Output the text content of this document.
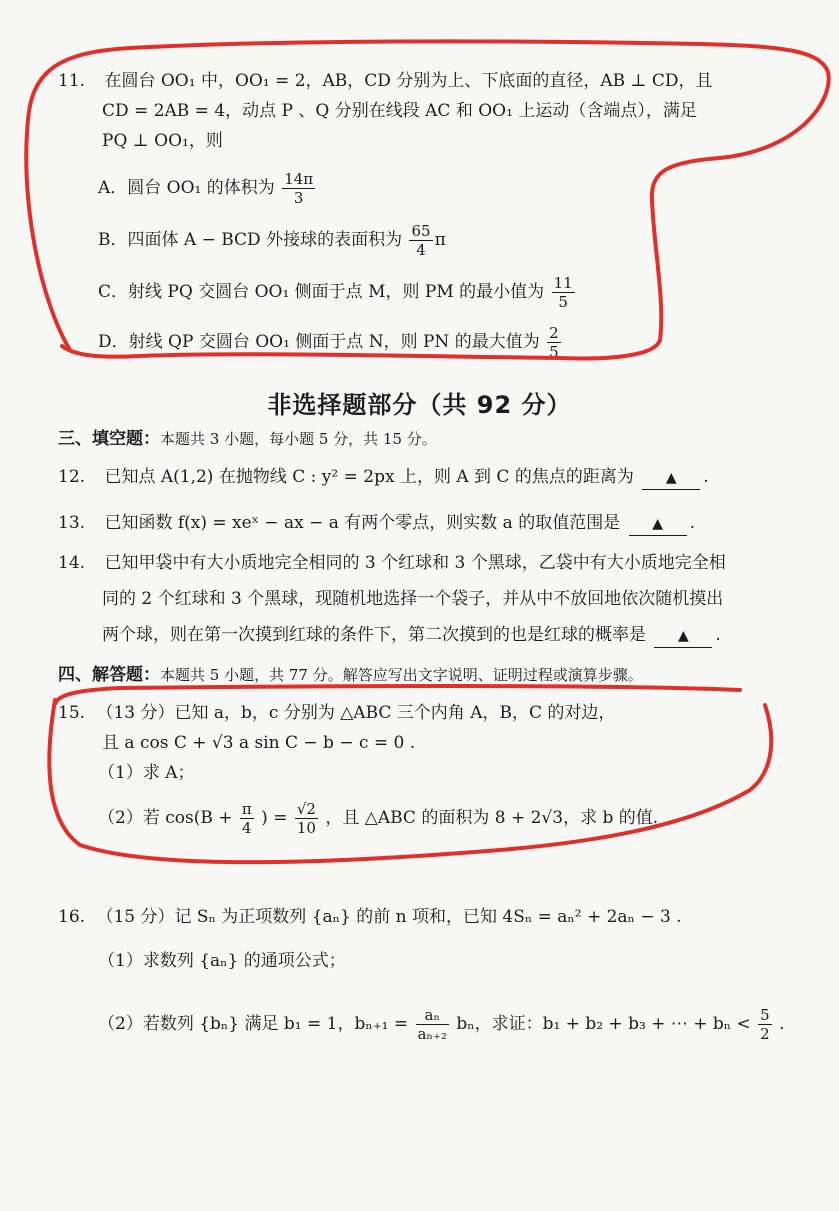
11. 在圆台 OO₁ 中，OO₁ = 2，AB，CD 分别为上、下底面的直径，AB ⊥ CD，且
CD = 2AB = 4，动点 P 、Q 分别在线段 AC 和 OO₁ 上运动（含端点），满足
PQ ⊥ OO₁，则
A．圆台 OO₁ 的体积为 $\frac{14\pi}{3}$
B．四面体 A − BCD 外接球的表面积为 $\frac{65}{4}$ π
C．射线 PQ 交圆台 OO₁ 侧面于点 M，则 PM 的最小值为 $\frac{11}{5}$
D．射线 QP 交圆台 OO₁ 侧面于点 N，则 PN 的最大值为 $\frac{2}{5}$
非选择题部分（共 92 分）
三、填空题：本题共 3 小题，每小题 5 分，共 15 分。
12. 已知点 A(1,2) 在抛物线 C : y² = 2px 上，则 A 到 C 的焦点的距离为 ▲ .
13. 已知函数 f(x) = xeˣ − ax − a 有两个零点，则实数 a 的取值范围是 ▲ .
14. 已知甲袋中有大小质地完全相同的 3 个红球和 3 个黑球，乙袋中有大小质地完全相
同的 2 个红球和 3 个黑球，现随机地选择一个袋子，并从中不放回地依次随机摸出
两个球，则在第一次摸到红球的条件下，第二次摸到的也是红球的概率是 ▲ .
四、解答题：本题共 5 小题，共 77 分。解答应写出文字说明、证明过程或演算步骤。
15. （13 分）已知 a，b，c 分别为 △ABC 三个内角 A，B，C 的对边，
且 a cos C + √3 a sin C − b − c = 0 .
（1）求 A；
（2）若 $\cos(B + \frac{\pi}{4}$ ) = $\frac{√2}{10}$ ，且 △ABC 的面积为 8 + 2√3，求 b 的值.
16. （15 分）记 Sₙ 为正项数列 {aₙ} 的前 n 项和，已知 4Sₙ = aₙ² + 2aₙ − 3 .
（1）求数列 {aₙ} 的通项公式；
（2）若数列 {bₙ} 满足 b₁ = 1，$b_{n+1} = \frac{\text{aₙ}}{\text{aₙ₊₂}}$ bₙ，求证：b₁ + b₂ + b₃ + ⋯ + $b_n < \frac{5}{2}$ .
